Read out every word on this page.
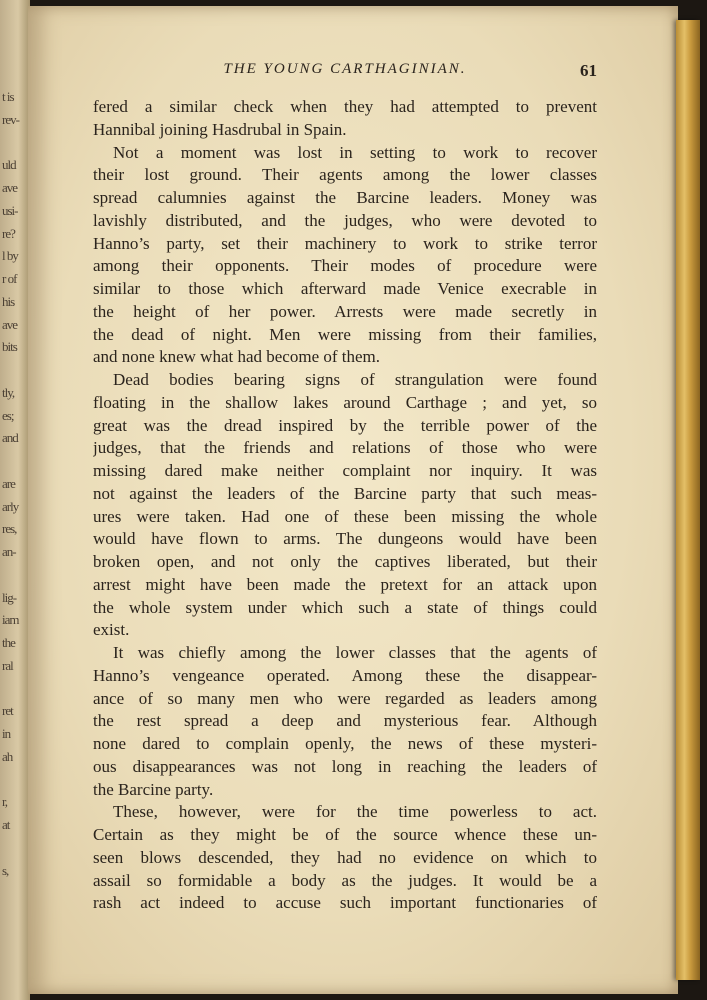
t is
rev-
uld
ave
usi-
re?
l by
r of
his
ave
bits
tly,
es;
and
are
arly
res,
an-
lig-
iam
the
ral
ret
in
ah
r,
at
s,
THE YOUNG CARTHAGINIAN.	61
fered a similar check when they had attempted to prevent
Hannibal joining Hasdrubal in Spain.
Not a moment was lost in setting to work to recover
their lost ground. Their agents among the lower classes
spread calumnies against the Barcine leaders. Money was
lavishly distributed, and the judges, who were devoted to
Hanno’s party, set their machinery to work to strike terror
among their opponents. Their modes of procedure were
similar to those which afterward made Venice execrable in
the height of her power. Arrests were made secretly in
the dead of night. Men were missing from their families,
and none knew what had become of them.
Dead bodies bearing signs of strangulation were found
floating in the shallow lakes around Carthage ; and yet, so
great was the dread inspired by the terrible power of the
judges, that the friends and relations of those who were
missing dared make neither complaint nor inquiry. It was
not against the leaders of the Barcine party that such meas-
ures were taken. Had one of these been missing the whole
would have flown to arms. The dungeons would have been
broken open, and not only the captives liberated, but their
arrest might have been made the pretext for an attack upon
the whole system under which such a state of things could
exist.
It was chiefly among the lower classes that the agents of
Hanno’s vengeance operated. Among these the disappear-
ance of so many men who were regarded as leaders among
the rest spread a deep and mysterious fear. Although
none dared to complain openly, the news of these mysteri-
ous disappearances was not long in reaching the leaders of
the Barcine party.
These, however, were for the time powerless to act.
Certain as they might be of the source whence these un-
seen blows descended, they had no evidence on which to
assail so formidable a body as the judges. It would be a
rash act indeed to accuse such important functionaries of
